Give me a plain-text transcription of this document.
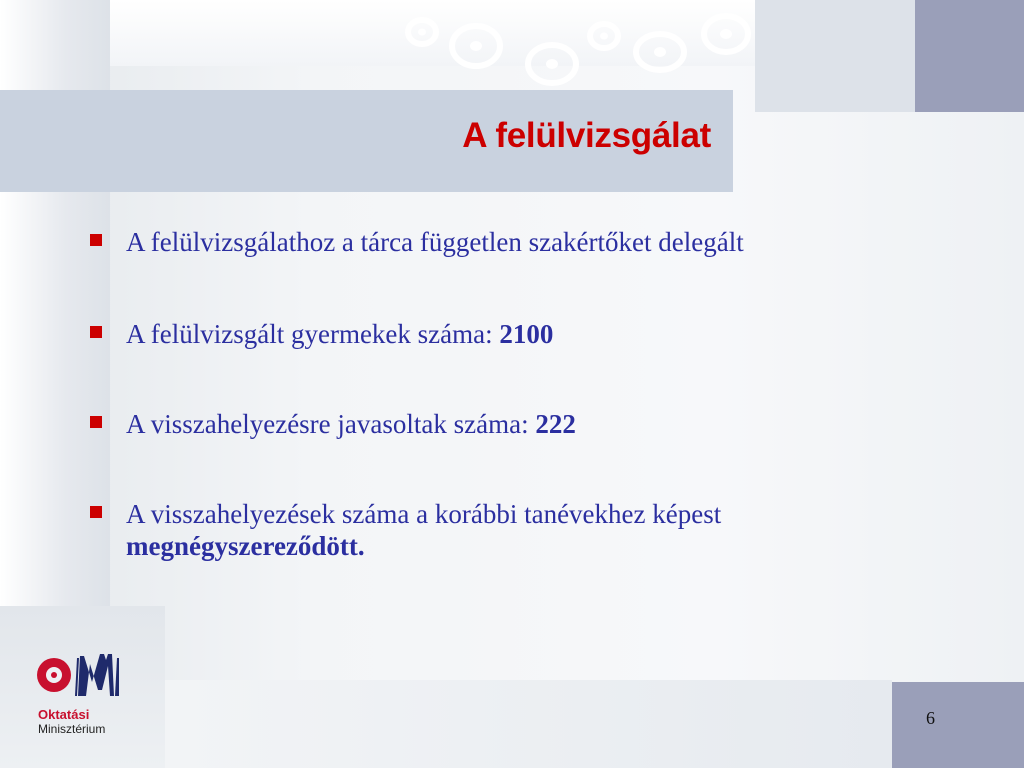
A felülvizsgálat
A felülvizsgálathoz a tárca független szakértőket delegált
A felülvizsgált gyermekek száma: 2100
A visszahelyezésre javasoltak száma: 222
A visszahelyezések száma a korábbi tanévekhez képest
megnégyszereződött.
6
Oktatási
Minisztérium
